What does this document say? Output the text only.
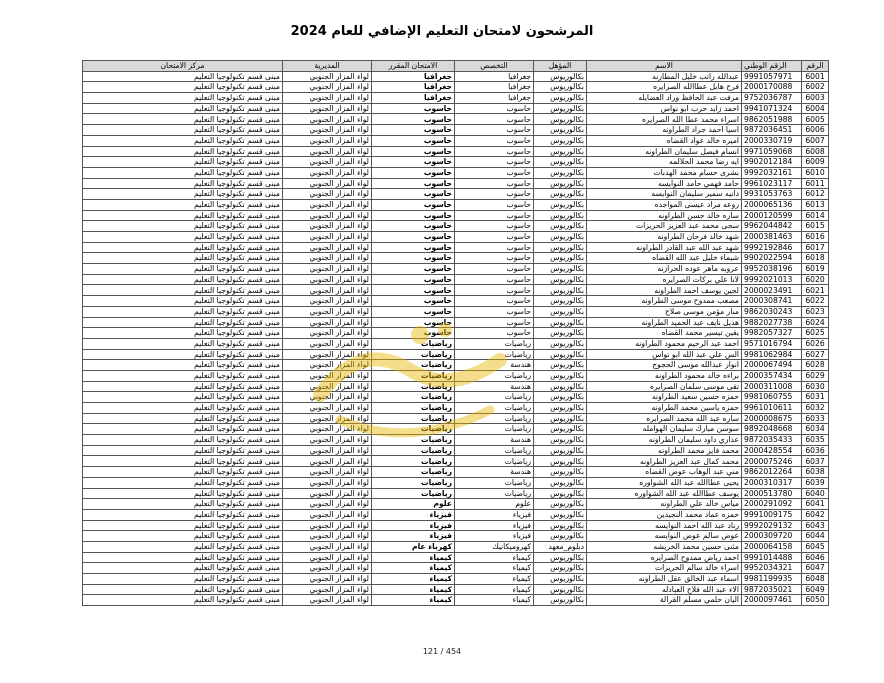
المرشحون لامتحان التعليم الإضافي للعام 2024
الرقم	الرقم الوطني	الاسم	المؤهل	التخصص	الامتحان المقرر	المديرية	مركز الامتحان
6001	9991057971	عبدالله راتب خليل المطارنه	بكالوريوس	جغرافيا	جغرافيا	لواء المزار الجنوبي	مبنى قسم تكنولوجيا التعليم
6002	2000170088	فرح هايل عطاالله الصرايره	بكالوريوس	جغرافيا	جغرافيا	لواء المزار الجنوبي	مبنى قسم تكنولوجيا التعليم
6003	9752036787	مرفت عبد الحافظ وراد العضايله	بكالوريوس	جغرافيا	جغرافيا	لواء المزار الجنوبي	مبنى قسم تكنولوجيا التعليم
6004	9941071324	احمد زايد حرب ابو نواس	بكالوريوس	حاسوب	حاسوب	لواء المزار الجنوبي	مبنى قسم تكنولوجيا التعليم
6005	9862051988	اسراء محمد عطا الله الصرايره	بكالوريوس	حاسوب	حاسوب	لواء المزار الجنوبي	مبنى قسم تكنولوجيا التعليم
6006	9872036451	اسيا احمد جراد الطراونه	بكالوريوس	حاسوب	حاسوب	لواء المزار الجنوبي	مبنى قسم تكنولوجيا التعليم
6007	2000330719	اميره خالد عواد القضاه	بكالوريوس	حاسوب	حاسوب	لواء المزار الجنوبي	مبنى قسم تكنولوجيا التعليم
6008	9971059068	انسام فيصل سليمان الطراونه	بكالوريوس	حاسوب	حاسوب	لواء المزار الجنوبي	مبنى قسم تكنولوجيا التعليم
6009	9902012184	ايه رضا محمد الحلالمه	بكالوريوس	حاسوب	حاسوب	لواء المزار الجنوبي	مبنى قسم تكنولوجيا التعليم
6010	9992032161	بشرى حسام محمد الهدبات	بكالوريوس	حاسوب	حاسوب	لواء المزار الجنوبي	مبنى قسم تكنولوجيا التعليم
6011	9961023117	حامد فهمي حامد النوايسه	بكالوريوس	حاسوب	حاسوب	لواء المزار الجنوبي	مبنى قسم تكنولوجيا التعليم
6012	9931053763	دانيه سمير سليمان النوايسه	بكالوريوس	حاسوب	حاسوب	لواء المزار الجنوبي	مبنى قسم تكنولوجيا التعليم
6013	2000065136	روعه مراد عيسى المواجده	بكالوريوس	حاسوب	حاسوب	لواء المزار الجنوبي	مبنى قسم تكنولوجيا التعليم
6014	2000120599	ساره خالد حسن الطراونه	بكالوريوس	حاسوب	حاسوب	لواء المزار الجنوبي	مبنى قسم تكنولوجيا التعليم
6015	9962044842	سجى محمد عبد العزيز الحريزات	بكالوريوس	حاسوب	حاسوب	لواء المزار الجنوبي	مبنى قسم تكنولوجيا التعليم
6016	2000381463	شهد خالد فرحان الطراونه	بكالوريوس	حاسوب	حاسوب	لواء المزار الجنوبي	مبنى قسم تكنولوجيا التعليم
6017	9992192846	شهد عبد الله عبد القادر الطراونه	بكالوريوس	حاسوب	حاسوب	لواء المزار الجنوبي	مبنى قسم تكنولوجيا التعليم
6018	9902022594	شيماء خليل عبد الله القضاه	بكالوريوس	حاسوب	حاسوب	لواء المزار الجنوبي	مبنى قسم تكنولوجيا التعليم
6019	9952038196	عروبه ماهر عوده الحرازنه	بكالوريوس	حاسوب	حاسوب	لواء المزار الجنوبي	مبنى قسم تكنولوجيا التعليم
6020	9992021013	لانا علي بركات الصرايره	بكالوريوس	حاسوب	حاسوب	لواء المزار الجنوبي	مبنى قسم تكنولوجيا التعليم
6021	2000023491	لجين يوسف احمد الطراونه	بكالوريوس	حاسوب	حاسوب	لواء المزار الجنوبي	مبنى قسم تكنولوجيا التعليم
6022	2000308741	مصعب ممدوح موسى الطراونه	بكالوريوس	حاسوب	حاسوب	لواء المزار الجنوبي	مبنى قسم تكنولوجيا التعليم
6023	9862030243	منار مؤمن موسى صلاح	بكالوريوس	حاسوب	حاسوب	لواء المزار الجنوبي	مبنى قسم تكنولوجيا التعليم
6024	9882027738	هديل نايف عبد الحميد الطراونه	بكالوريوس	حاسوب	حاسوب	لواء المزار الجنوبي	مبنى قسم تكنولوجيا التعليم
6025	9982057327	يقين تيسير محمد القضاه	بكالوريوس	حاسوب	حاسوب	لواء المزار الجنوبي	مبنى قسم تكنولوجيا التعليم
6026	9571016794	احمد عبد الرحيم محمود الطراونه	بكالوريوس	رياضيات	رياضيات	لواء المزار الجنوبي	مبنى قسم تكنولوجيا التعليم
6027	9981062984	الس علي عبد الله ابو نواس	بكالوريوس	رياضيات	رياضيات	لواء المزار الجنوبي	مبنى قسم تكنولوجيا التعليم
6028	2000067494	انوار عبدالله موسى الحجوج	بكالوريوس	هندسة	رياضيات	لواء المزار الجنوبي	مبنى قسم تكنولوجيا التعليم
6029	2000357434	براءه خالد محمود الطراونه	بكالوريوس	رياضيات	رياضيات	لواء المزار الجنوبي	مبنى قسم تكنولوجيا التعليم
6030	2000311008	تقى موسى سلمان الصرايره	بكالوريوس	هندسة	رياضيات	لواء المزار الجنوبي	مبنى قسم تكنولوجيا التعليم
6031	9981060755	حمزه حسين سعيد الطراونه	بكالوريوس	رياضيات	رياضيات	لواء المزار الجنوبي	مبنى قسم تكنولوجيا التعليم
6032	9961010611	حمزه ياسين محمد الطراونه	بكالوريوس	رياضيات	رياضيات	لواء المزار الجنوبي	مبنى قسم تكنولوجيا التعليم
6033	2000008675	ساره عبد الله محمد الصرايره	بكالوريوس	رياضيات	رياضيات	لواء المزار الجنوبي	مبنى قسم تكنولوجيا التعليم
6034	9892048668	سوسن مبارك سليمان الهوامله	بكالوريوس	رياضيات	رياضيات	لواء المزار الجنوبي	مبنى قسم تكنولوجيا التعليم
6035	9872035433	عذاري داود سليمان الطراونه	بكالوريوس	هندسة	رياضيات	لواء المزار الجنوبي	مبنى قسم تكنولوجيا التعليم
6036	2000428554	محمد فايز محمد الطراونه	بكالوريوس	رياضيات	رياضيات	لواء المزار الجنوبي	مبنى قسم تكنولوجيا التعليم
6037	2000075246	محمد كمال عبد العزيز الطراونه	بكالوريوس	رياضيات	رياضيات	لواء المزار الجنوبي	مبنى قسم تكنولوجيا التعليم
6038	9862012264	مني عبد الوهاب عوض القضاه	بكالوريوس	هندسة	رياضيات	لواء المزار الجنوبي	مبنى قسم تكنولوجيا التعليم
6039	2000310317	يحيى عطاالله عبد الله الشواوره	بكالوريوس	رياضيات	رياضيات	لواء المزار الجنوبي	مبنى قسم تكنولوجيا التعليم
6040	2000513780	يوسف عطاالله عبد الله الشواوره	بكالوريوس	رياضيات	رياضيات	لواء المزار الجنوبي	مبنى قسم تكنولوجيا التعليم
6041	2000291092	مياس خالد علي الطراونه	بكالوريوس	علوم	علوم	لواء المزار الجنوبي	مبنى قسم تكنولوجيا التعليم
6042	9991009175	حمزه عماد محمد النجيدين	بكالوريوس	فيزياء	فيزياء	لواء المزار الجنوبي	مبنى قسم تكنولوجيا التعليم
6043	9992029132	رناد عبد الله احمد النوايسه	بكالوريوس	فيزياء	فيزياء	لواء المزار الجنوبي	مبنى قسم تكنولوجيا التعليم
6044	2000309720	عوض سالم عوض النوايسه	بكالوريوس	فيزياء	فيزياء	لواء المزار الجنوبي	مبنى قسم تكنولوجيا التعليم
6045	2000064158	مثنى حسين محمد الخريشه	دبلوم_معهد	كهروميكانيك	كهرباء عام	لواء المزار الجنوبي	مبنى قسم تكنولوجيا التعليم
6046	9991014488	احمد رياض ممدوح الصرايره	بكالوريوس	كيمياء	كيمياء	لواء المزار الجنوبي	مبنى قسم تكنولوجيا التعليم
6047	9952034321	اسراء خالد سالم الحريزات	بكالوريوس	كيمياء	كيمياء	لواء المزار الجنوبي	مبنى قسم تكنولوجيا التعليم
6048	9981199935	اسماء عبد الخالق عقل الطراونه	بكالوريوس	كيمياء	كيمياء	لواء المزار الجنوبي	مبنى قسم تكنولوجيا التعليم
6049	9872035021	الاء عبد الله فلاح العبادله	بكالوريوس	كيمياء	كيمياء	لواء المزار الجنوبي	مبنى قسم تكنولوجيا التعليم
6050	2000097461	اليان حلمي مسلم القرالة	بكالوريوس	كيمياء	كيمياء	لواء المزار الجنوبي	مبنى قسم تكنولوجيا التعليم
121 / 454
